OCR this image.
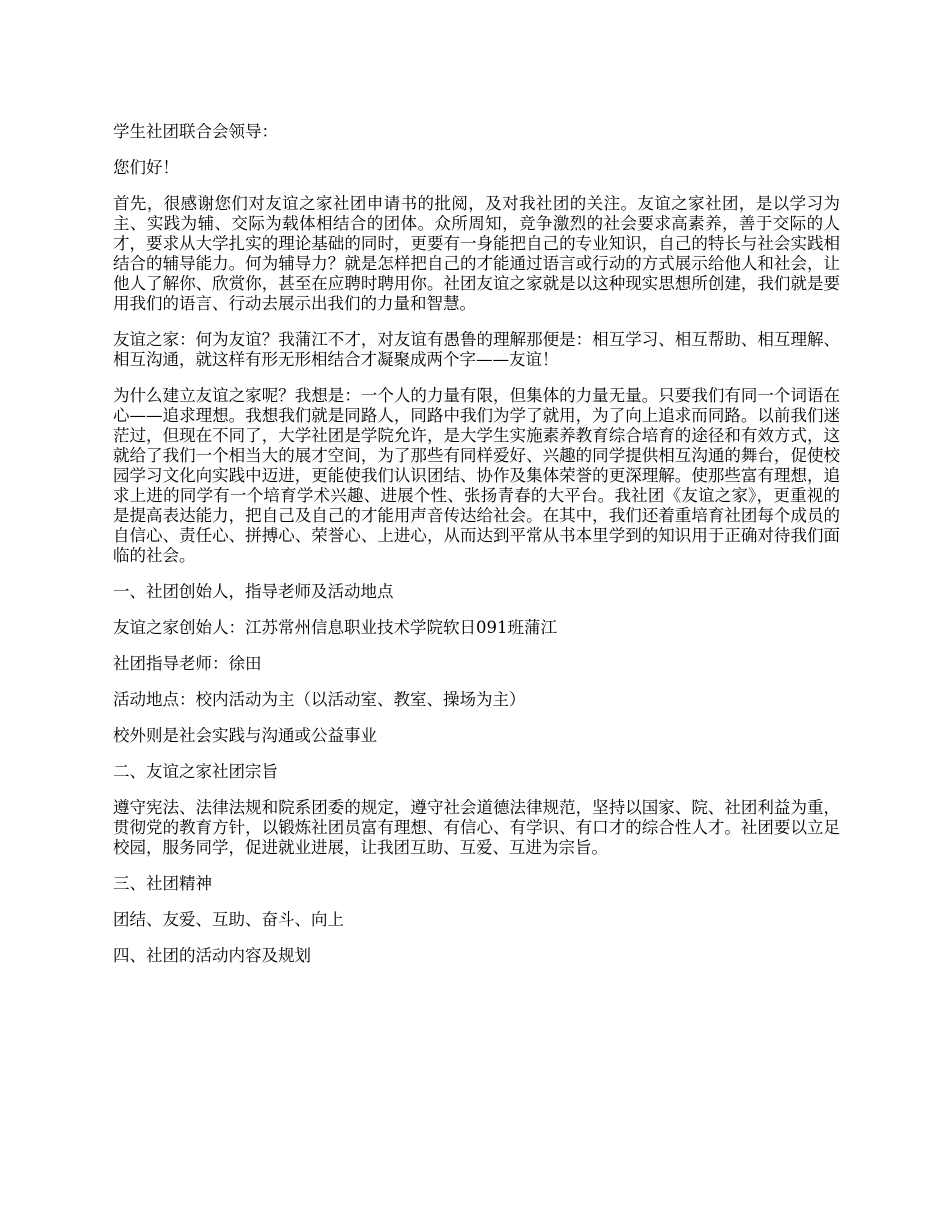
学生社团联合会领导：

您们好！

首先，很感谢您们对友谊之家社团申请书的批阅，及对我社团的关注。友谊之家社团，是以学习为主、实践为辅、交际为载体相结合的团体。众所周知，竞争激烈的社会要求高素养，善于交际的人才，要求从大学扎实的理论基础的同时，更要有一身能把自己的专业知识，自己的特长与社会实践相结合的辅导能力。何为辅导力？就是怎样把自己的才能通过语言或行动的方式展示给他人和社会，让他人了解你、欣赏你，甚至在应聘时聘用你。社团友谊之家就是以这种现实思想所创建，我们就是要用我们的语言、行动去展示出我们的力量和智慧。

友谊之家：何为友谊？我蒲江不才，对友谊有愚鲁的理解那便是：相互学习、相互帮助、相互理解、相互沟通，就这样有形无形相结合才凝聚成两个字——友谊！

为什么建立友谊之家呢？我想是：一个人的力量有限，但集体的力量无量。只要我们有同一个词语在心——追求理想。我想我们就是同路人，同路中我们为学了就用，为了向上追求而同路。以前我们迷茫过，但现在不同了，大学社团是学院允许，是大学生实施素养教育综合培育的途径和有效方式，这就给了我们一个相当大的展才空间，为了那些有同样爱好、兴趣的同学提供相互沟通的舞台，促使校园学习文化向实践中迈进，更能使我们认识团结、协作及集体荣誉的更深理解。使那些富有理想，追求上进的同学有一个培育学术兴趣、进展个性、张扬青春的大平台。我社团《友谊之家》，更重视的是提高表达能力，把自己及自己的才能用声音传达给社会。在其中，我们还着重培育社团每个成员的自信心、责任心、拼搏心、荣誉心、上进心，从而达到平常从书本里学到的知识用于正确对待我们面临的社会。

一、社团创始人，指导老师及活动地点

友谊之家创始人：江苏常州信息职业技术学院软日091班蒲江

社团指导老师：徐田

活动地点：校内活动为主（以活动室、教室、操场为主）

校外则是社会实践与沟通或公益事业

二、友谊之家社团宗旨

遵守宪法、法律法规和院系团委的规定，遵守社会道德法律规范，坚持以国家、院、社团利益为重，贯彻党的教育方针，以锻炼社团员富有理想、有信心、有学识、有口才的综合性人才。社团要以立足校园，服务同学，促进就业进展，让我团互助、互爱、互进为宗旨。

三、社团精神

团结、友爱、互助、奋斗、向上

四、社团的活动内容及规划
